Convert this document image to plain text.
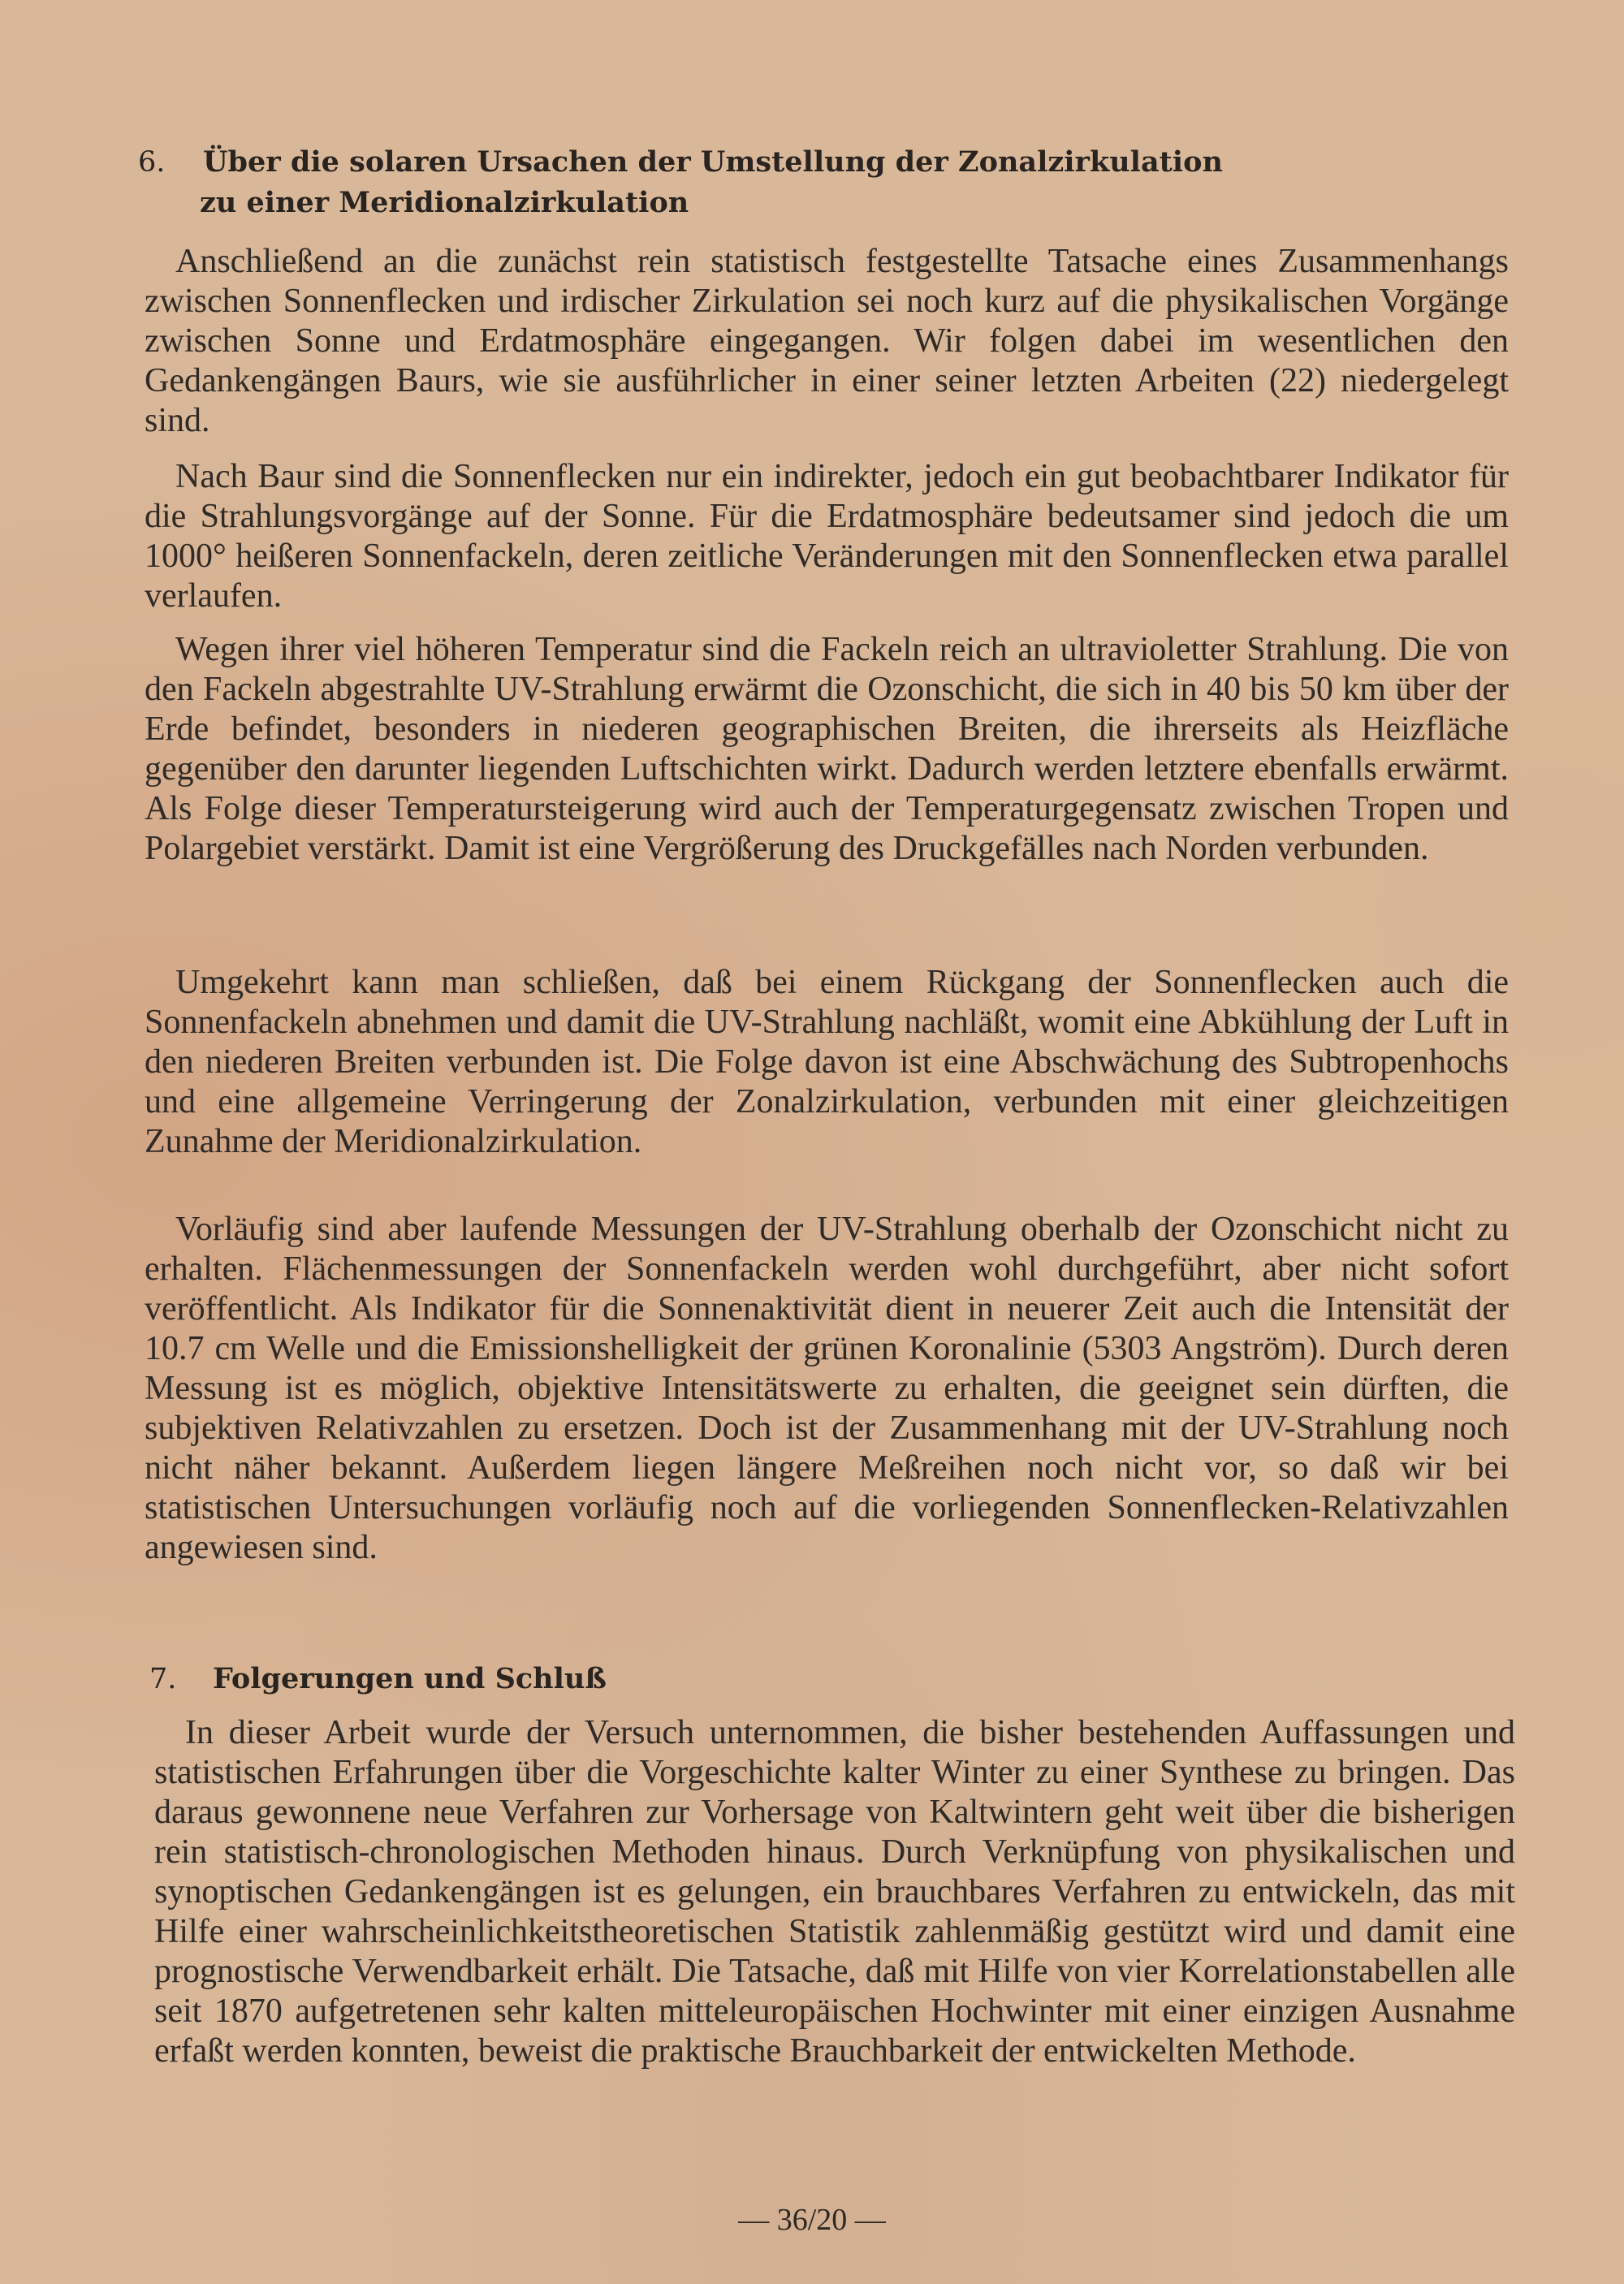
6. Über die solaren Ursachen der Umstellung der Zonalzirkulation
zu einer Meridionalzirkulation

Anschließend an die zunächst rein statistisch festgestellte Tatsache eines Zusammenhangs zwischen Sonnenflecken und irdischer Zirkulation sei noch kurz auf die physikalischen Vorgänge zwischen Sonne und Erdatmosphäre eingegangen. Wir folgen dabei im wesentlichen den Gedankengängen Baurs, wie sie ausführlicher in einer seiner letzten Arbeiten (22) niedergelegt sind.

Nach Baur sind die Sonnenflecken nur ein indirekter, jedoch ein gut beobachtbarer Indikator für die Strahlungsvorgänge auf der Sonne. Für die Erdatmosphäre bedeutsamer sind jedoch die um 1000° heißeren Sonnenfackeln, deren zeitliche Veränderungen mit den Sonnenflecken etwa parallel verlaufen.

Wegen ihrer viel höheren Temperatur sind die Fackeln reich an ultravioletter Strahlung. Die von den Fackeln abgestrahlte UV-Strahlung erwärmt die Ozonschicht, die sich in 40 bis 50 km über der Erde befindet, besonders in niederen geographischen Breiten, die ihrerseits als Heizfläche gegenüber den darunter liegenden Luftschichten wirkt. Dadurch werden letztere ebenfalls erwärmt. Als Folge dieser Temperatursteigerung wird auch der Temperaturgegensatz zwischen Tropen und Polargebiet verstärkt. Damit ist eine Vergrößerung des Druckgefälles nach Norden verbunden.

Umgekehrt kann man schließen, daß bei einem Rückgang der Sonnenflecken auch die Sonnenfackeln abnehmen und damit die UV-Strahlung nachläßt, womit eine Abkühlung der Luft in den niederen Breiten verbunden ist. Die Folge davon ist eine Abschwächung des Subtropenhochs und eine allgemeine Verringerung der Zonalzirkulation, verbunden mit einer gleichzeitigen Zunahme der Meridionalzirkulation.

Vorläufig sind aber laufende Messungen der UV-Strahlung oberhalb der Ozonschicht nicht zu erhalten. Flächenmessungen der Sonnenfackeln werden wohl durchgeführt, aber nicht sofort veröffentlicht. Als Indikator für die Sonnenaktivität dient in neuerer Zeit auch die Intensität der 10.7 cm Welle und die Emissionshelligkeit der grünen Koronalinie (5303 Angström). Durch deren Messung ist es möglich, objektive Intensitätswerte zu erhalten, die geeignet sein dürften, die subjektiven Relativzahlen zu ersetzen. Doch ist der Zusammenhang mit der UV-Strahlung noch nicht näher bekannt. Außerdem liegen längere Meßreihen noch nicht vor, so daß wir bei statistischen Untersuchungen vorläufig noch auf die vorliegenden Sonnenflecken-Relativzahlen angewiesen sind.

7. Folgerungen und Schluß

In dieser Arbeit wurde der Versuch unternommen, die bisher bestehenden Auffassungen und statistischen Erfahrungen über die Vorgeschichte kalter Winter zu einer Synthese zu bringen. Das daraus gewonnene neue Verfahren zur Vorhersage von Kaltwintern geht weit über die bisherigen rein statistisch-chronologischen Methoden hinaus. Durch Verknüpfung von physikalischen und synoptischen Gedankengängen ist es gelungen, ein brauchbares Verfahren zu entwickeln, das mit Hilfe einer wahrscheinlichkeitstheoretischen Statistik zahlenmäßig gestützt wird und damit eine prognostische Verwendbarkeit erhält. Die Tatsache, daß mit Hilfe von vier Korrelationstabellen alle seit 1870 aufgetretenen sehr kalten mitteleuropäischen Hochwinter mit einer einzigen Ausnahme erfaßt werden konnten, beweist die praktische Brauchbarkeit der entwickelten Methode.

— 36/20 —
